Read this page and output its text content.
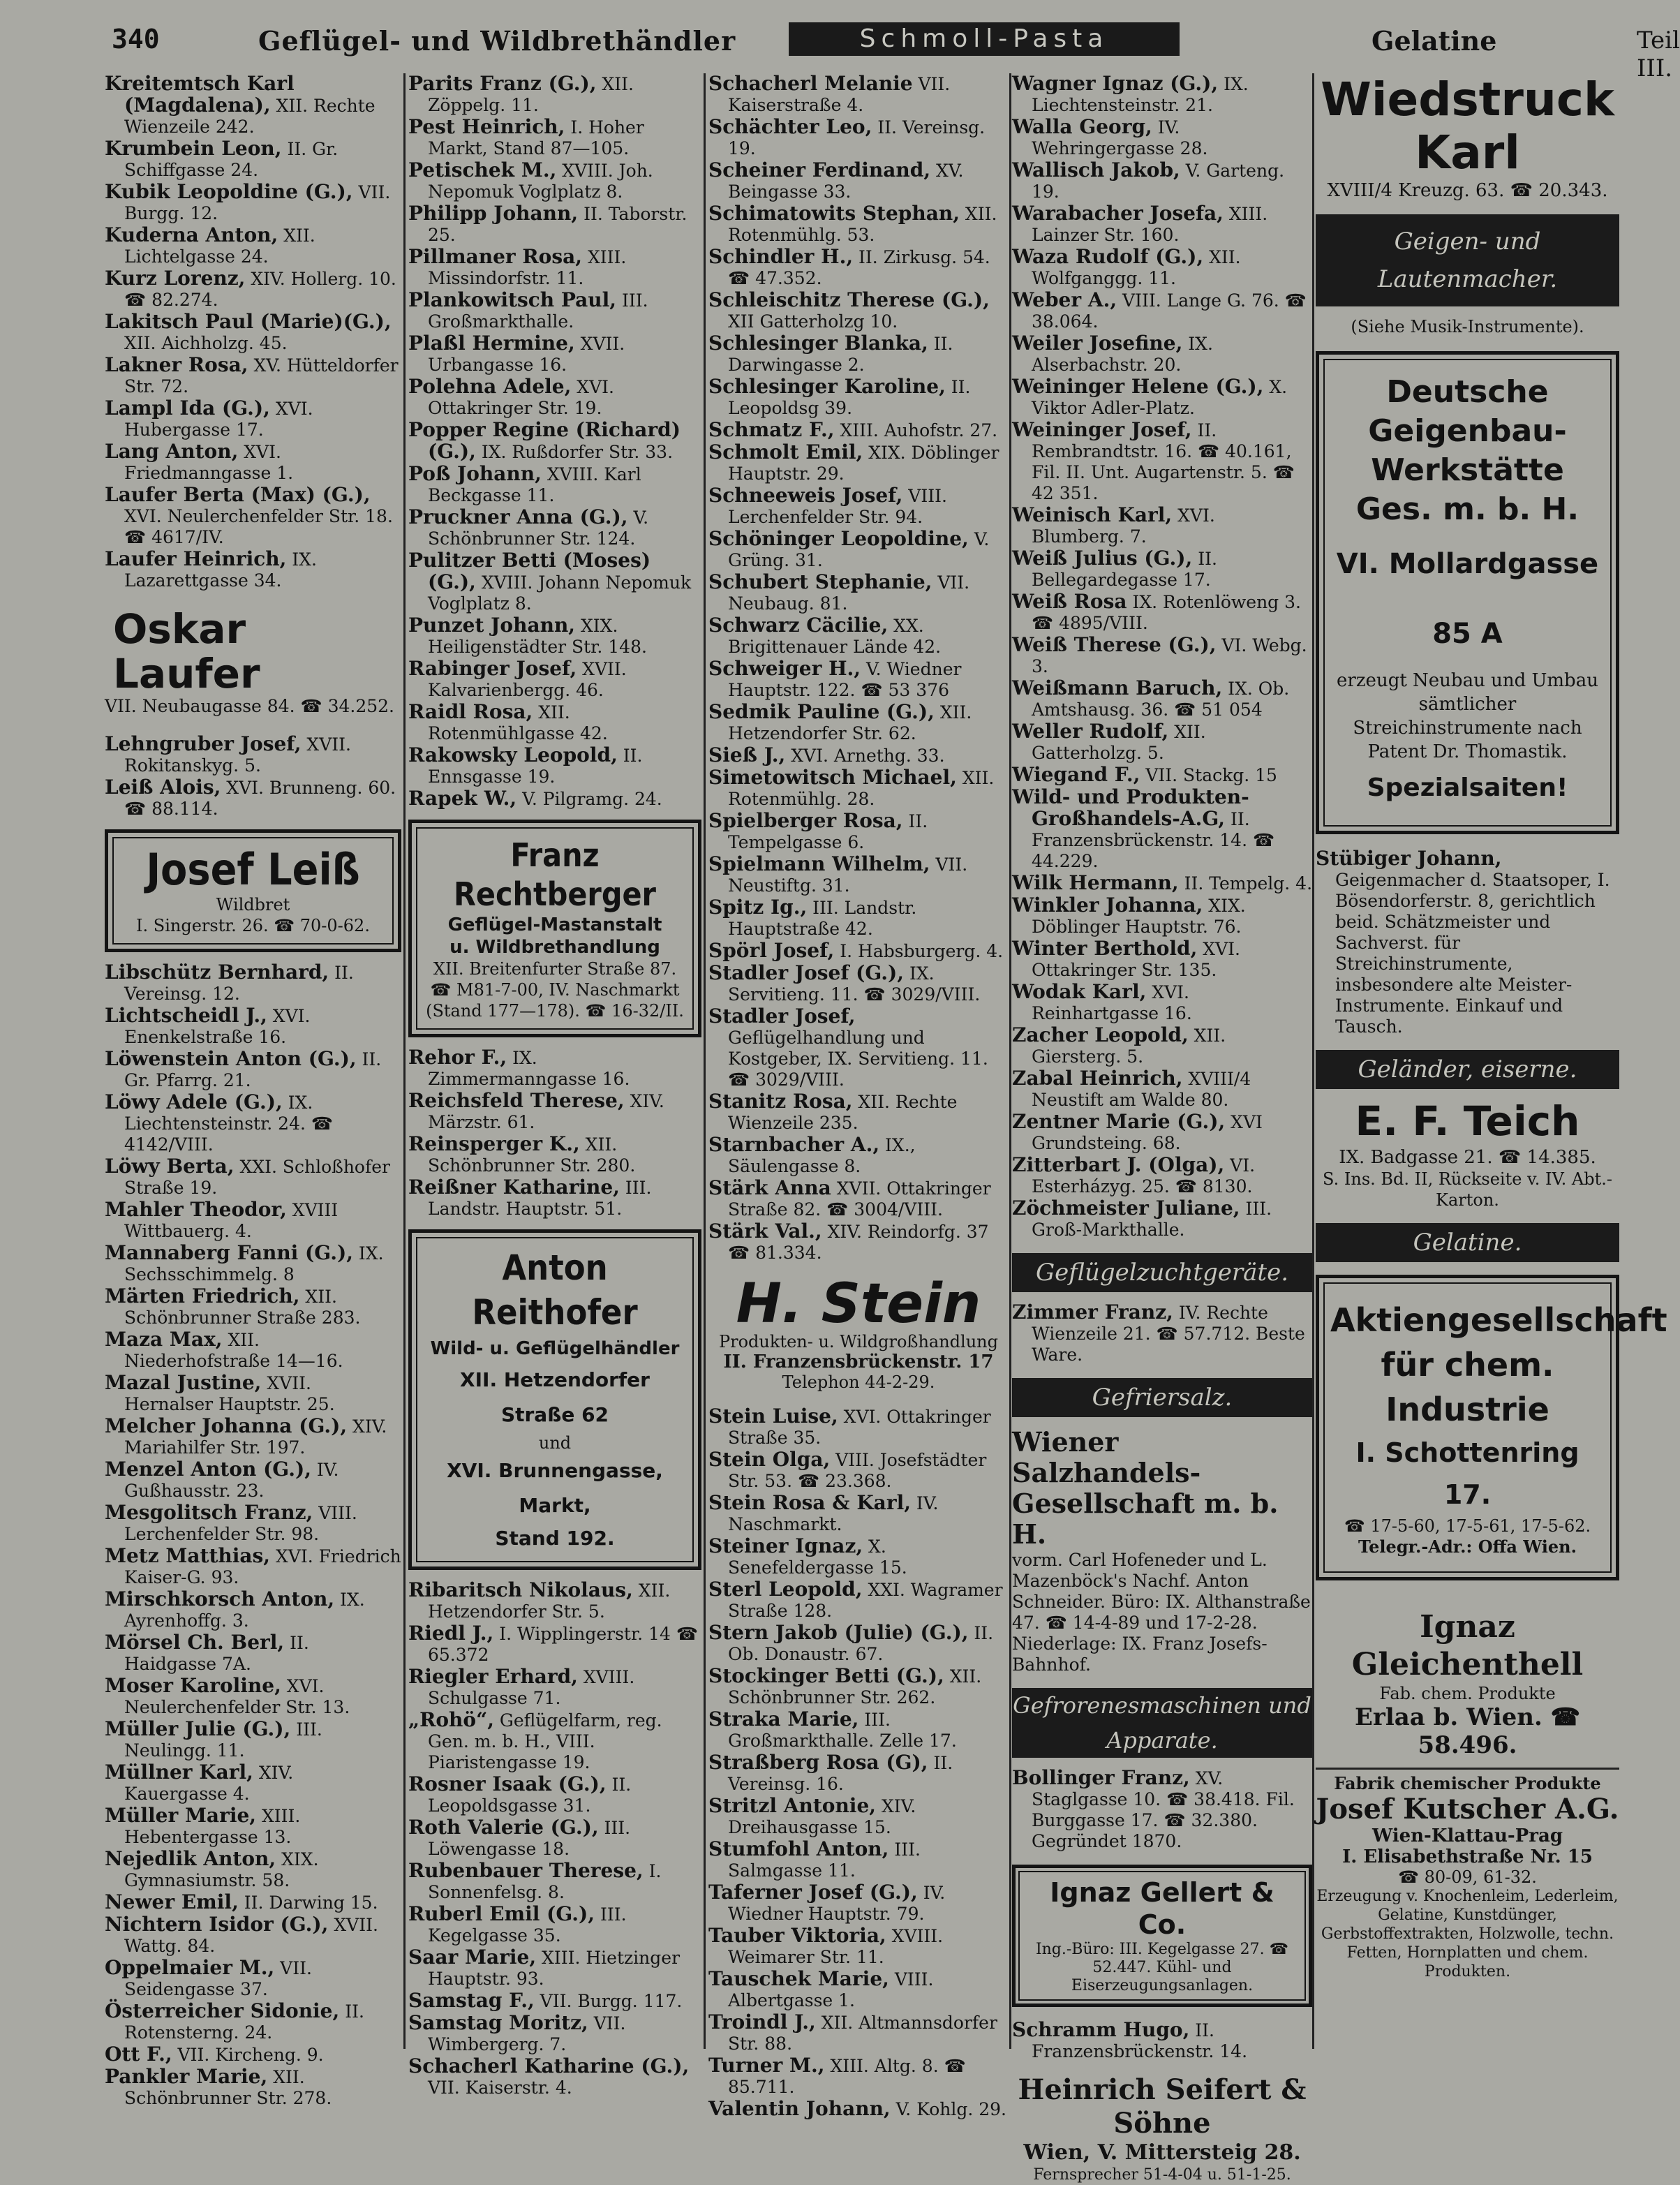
340	Geflügel- und Wildbrethändler	Schmoll-Pasta	Gelatine	Teil III.
Kreitemtsch Karl (Magdalena), XII. Rechte Wienzeile 242.
Krumbein Leon, II. Gr. Schiffgasse 24.
Kubik Leopoldine (G.), VII. Burgg. 12.
Kuderna Anton, XII. Lichtelgasse 24.
Kurz Lorenz, XIV. Hollerg. 10. ☎ 82.274.
Lakitsch Paul (Marie)(G.), XII. Aichholzg. 45.
Lakner Rosa, XV. Hütteldorfer Str. 72.
Lampl Ida (G.), XVI. Hubergasse 17.
Lang Anton, XVI. Friedmanngasse 1.
Laufer Berta (Max) (G.), XVI. Neulerchenfelder Str. 18. ☎ 4617/IV.
Laufer Heinrich, IX. Lazarettgasse 34.
Oskar Laufer
VII. Neubaugasse 84. ☎ 34.252.
Lehngruber Josef, XVII. Rokitanskyg. 5.
Leiß Alois, XVI. Brunneng. 60. ☎ 88.114.
Josef Leiß
Wildbret
I. Singerstr. 26. ☎ 70-0-62.
Libschütz Bernhard, II. Vereinsg. 12.
Lichtscheidl J., XVI. Enenkelstraße 16.
Löwenstein Anton (G.), II. Gr. Pfarrg. 21.
Löwy Adele (G.), IX. Liechtensteinstr. 24. ☎ 4142/VIII.
Löwy Berta, XXI. Schloßhofer Straße 19.
Mahler Theodor, XVIII Wittbauerg. 4.
Mannaberg Fanni (G.), IX. Sechsschimmelg. 8
Märten Friedrich, XII. Schönbrunner Straße 283.
Maza Max, XII. Niederhofstraße 14—16.
Mazal Justine, XVII. Hernalser Hauptstr. 25.
Melcher Johanna (G.), XIV. Mariahilfer Str. 197.
Menzel Anton (G.), IV. Gußhausstr. 23.
Mesgolitsch Franz, VIII. Lerchenfelder Str. 98.
Metz Matthias, XVI. Friedrich Kaiser-G. 93.
Mirschkorsch Anton, IX. Ayrenhoffg. 3.
Mörsel Ch. Berl, II. Haidgasse 7A.
Moser Karoline, XVI. Neulerchenfelder Str. 13.
Müller Julie (G.), III. Neulingg. 11.
Müllner Karl, XIV. Kauergasse 4.
Müller Marie, XIII. Hebentergasse 13.
Nejedlik Anton, XIX. Gymnasiumstr. 58.
Newer Emil, II. Darwing 15.
Nichtern Isidor (G.), XVII. Wattg. 84.
Oppelmaier M., VII. Seidengasse 37.
Österreicher Sidonie, II. Rotensterng. 24.
Ott F., VII. Kircheng. 9.
Pankler Marie, XII. Schönbrunner Str. 278.
Parits Franz (G.), XII. Zöppelg. 11.
Pest Heinrich, I. Hoher Markt, Stand 87—105.
Petischek M., XVIII. Joh. Nepomuk Voglplatz 8.
Philipp Johann, II. Taborstr. 25.
Pillmaner Rosa, XIII. Missindorfstr. 11.
Plankowitsch Paul, III. Großmarkthalle.
Plaßl Hermine, XVII. Urbangasse 16.
Polehna Adele, XVI. Ottakringer Str. 19.
Popper Regine (Richard) (G.), IX. Rußdorfer Str. 33.
Poß Johann, XVIII. Karl Beckgasse 11.
Pruckner Anna (G.), V. Schönbrunner Str. 124.
Pulitzer Betti (Moses) (G.), XVIII. Johann Nepomuk Voglplatz 8.
Punzet Johann, XIX. Heiligenstädter Str. 148.
Rabinger Josef, XVII. Kalvarienbergg. 46.
Raidl Rosa, XII. Rotenmühlgasse 42.
Rakowsky Leopold, II. Ennsgasse 19.
Rapek W., V. Pilgramg. 24.
Franz Rechtberger
Geflügel-Mastanstalt
u. Wildbrethandlung
XII. Breitenfurter Straße 87.
☎ M81-7-00, IV. Naschmarkt
(Stand 177—178). ☎ 16-32/II.
Rehor F., IX. Zimmermanngasse 16.
Reichsfeld Therese, XIV. Märzstr. 61.
Reinsperger K., XII. Schönbrunner Str. 280.
Reißner Katharine, III. Landstr. Hauptstr. 51.
Anton Reithofer
Wild- u. Geflügelhändler
XII. Hetzendorfer Straße 62
und
XVI. Brunnengasse, Markt,
Stand 192.
Ribaritsch Nikolaus, XII. Hetzendorfer Str. 5.
Riedl J., I. Wipplingerstr. 14 ☎ 65.372
Riegler Erhard, XVIII. Schulgasse 71.
„Rohö“, Geflügelfarm, reg. Gen. m. b. H., VIII. Piaristengasse 19.
Rosner Isaak (G.), II. Leopoldsgasse 31.
Roth Valerie (G.), III. Löwengasse 18.
Rubenbauer Therese, I. Sonnenfelsg. 8.
Ruberl Emil (G.), III. Kegelgasse 35.
Saar Marie, XIII. Hietzinger Hauptstr. 93.
Samstag F., VII. Burgg. 117.
Samstag Moritz, VII. Wimbergerg. 7.
Schacherl Katharine (G.), VII. Kaiserstr. 4.
Schacherl Melanie VII. Kaiserstraße 4.
Schächter Leo, II. Vereinsg. 19.
Scheiner Ferdinand, XV. Beingasse 33.
Schimatowits Stephan, XII. Rotenmühlg. 53.
Schindler H., II. Zirkusg. 54. ☎ 47.352.
Schleischitz Therese (G.), XII Gatterholzg 10.
Schlesinger Blanka, II. Darwingasse 2.
Schlesinger Karoline, II. Leopoldsg 39.
Schmatz F., XIII. Auhofstr. 27.
Schmolt Emil, XIX. Döblinger Hauptstr. 29.
Schneeweis Josef, VIII. Lerchenfelder Str. 94.
Schöninger Leopoldine, V. Grüng. 31.
Schubert Stephanie, VII. Neubaug. 81.
Schwarz Cäcilie, XX. Brigittenauer Lände 42.
Schweiger H., V. Wiedner Hauptstr. 122. ☎ 53 376
Sedmik Pauline (G.), XII. Hetzendorfer Str. 62.
Sieß J., XVI. Arnethg. 33.
Simetowitsch Michael, XII. Rotenmühlg. 28.
Spielberger Rosa, II. Tempelgasse 6.
Spielmann Wilhelm, VII. Neustiftg. 31.
Spitz Ig., III. Landstr. Hauptstraße 42.
Spörl Josef, I. Habsburgerg. 4.
Stadler Josef (G.), IX. Servitieng. 11. ☎ 3029/VIII.
Stadler Josef, Geflügelhandlung und Kostgeber, IX. Servitieng. 11. ☎ 3029/VIII.
Stanitz Rosa, XII. Rechte Wienzeile 235.
Starnbacher A., IX., Säulengasse 8.
Stärk Anna XVII. Ottakringer Straße 82. ☎ 3004/VIII.
Stärk Val., XIV. Reindorfg. 37 ☎ 81.334.
H. Stein
Produkten- u. Wildgroßhandlung
II. Franzensbrückenstr. 17
Telephon 44-2-29.
Stein Luise, XVI. Ottakringer Straße 35.
Stein Olga, VIII. Josefstädter Str. 53. ☎ 23.368.
Stein Rosa & Karl, IV. Naschmarkt.
Steiner Ignaz, X. Senefeldergasse 15.
Sterl Leopold, XXI. Wagramer Straße 128.
Stern Jakob (Julie) (G.), II. Ob. Donaustr. 67.
Stockinger Betti (G.), XII. Schönbrunner Str. 262.
Straka Marie, III. Großmarkthalle. Zelle 17.
Straßberg Rosa (G), II. Vereinsg. 16.
Stritzl Antonie, XIV. Dreihausgasse 15.
Stumfohl Anton, III. Salmgasse 11.
Taferner Josef (G.), IV. Wiedner Hauptstr. 79.
Tauber Viktoria, XVIII. Weimarer Str. 11.
Tauschek Marie, VIII. Albertgasse 1.
Troindl J., XII. Altmannsdorfer Str. 88.
Turner M., XIII. Altg. 8. ☎ 85.711.
Valentin Johann, V. Kohlg. 29.
Wagner Ignaz (G.), IX. Liechtensteinstr. 21.
Walla Georg, IV. Wehringergasse 28.
Wallisch Jakob, V. Garteng. 19.
Warabacher Josefa, XIII. Lainzer Str. 160.
Waza Rudolf (G.), XII. Wolfganggg. 11.
Weber A., VIII. Lange G. 76. ☎ 38.064.
Weiler Josefine, IX. Alserbachstr. 20.
Weininger Helene (G.), X. Viktor Adler-Platz.
Weininger Josef, II. Rembrandtstr. 16. ☎ 40.161, Fil. II. Unt. Augartenstr. 5. ☎ 42 351.
Weinisch Karl, XVI. Blumberg. 7.
Weiß Julius (G.), II. Bellegardegasse 17.
Weiß Rosa IX. Rotenlöweng 3. ☎ 4895/VIII.
Weiß Therese (G.), VI. Webg. 3.
Weißmann Baruch, IX. Ob. Amtshausg. 36. ☎ 51 054
Weller Rudolf, XII. Gatterholzg. 5.
Wiegand F., VII. Stackg. 15
Wild- und Produkten-Großhandels-A.G, II. Franzensbrückenstr. 14. ☎ 44.229.
Wilk Hermann, II. Tempelg. 4.
Winkler Johanna, XIX. Döblinger Hauptstr. 76.
Winter Berthold, XVI. Ottakringer Str. 135.
Wodak Karl, XVI. Reinhartgasse 16.
Zacher Leopold, XII. Giersterg. 5.
Zabal Heinrich, XVIII/4 Neustift am Walde 80.
Zentner Marie (G.), XVI Grundsteing. 68.
Zitterbart J. (Olga), VI. Esterházyg. 25. ☎ 8130.
Zöchmeister Juliane, III. Groß-Markthalle.
Geflügelzuchtgeräte.
Zimmer Franz, IV. Rechte Wienzeile 21. ☎ 57.712. Beste Ware.
Gefriersalz.
Wiener Salzhandels-Gesellschaft m. b. H.
vorm. Carl Hofeneder und L. Mazenböck's Nachf. Anton Schneider. Büro: IX. Althanstraße 47. ☎ 14-4-89 und 17-2-28. Niederlage: IX. Franz Josefs-Bahnhof.
Gefrorenesmaschinen und Apparate.
Bollinger Franz, XV. Staglgasse 10. ☎ 38.418. Fil. Burggasse 17. ☎ 32.380. Gegründet 1870.
Ignaz Gellert & Co.
Ing.-Büro: III. Kegelgasse 27. ☎ 52.447. Kühl- und Eiserzeugungsanlagen.
Schramm Hugo, II. Franzensbrückenstr. 14.
Heinrich Seifert & Söhne
Wien, V. Mittersteig 28.
Fernsprecher 51-4-04 u. 51-1-25.
Wiedstruck Karl
XVIII/4 Kreuzg. 63. ☎ 20.343.
Geigen- und Lautenmacher.
(Siehe Musik-Instrumente).
Deutsche Geigenbau-Werkstätte Ges. m. b. H.
VI. Mollardgasse 85 A
erzeugt Neubau und Umbau sämtlicher Streichinstrumente nach Patent Dr. Thomastik.
Spezialsaiten!
Stübiger Johann, Geigenmacher d. Staatsoper, I. Bösendorferstr. 8, gerichtlich beid. Schätzmeister und Sachverst. für Streichinstrumente, insbesondere alte Meister-Instrumente. Einkauf und Tausch.
Geländer, eiserne.
E. F. Teich
IX. Badgasse 21. ☎ 14.385.
S. Ins. Bd. II, Rückseite v. IV. Abt.-Karton.
Gelatine.
Aktiengesellschaft für chem. Industrie
I. Schottenring 17.
☎ 17-5-60, 17-5-61, 17-5-62.
Telegr.-Adr.: Offa Wien.
Ignaz Gleichenthell
Fab. chem. Produkte
Erlaa b. Wien. ☎ 58.496.
Fabrik chemischer Produkte
Josef Kutscher A.G.
Wien-Klattau-Prag
I. Elisabethstraße Nr. 15
☎ 80-09, 61-32.
Erzeugung v. Knochenleim, Lederleim, Gelatine, Kunstdünger, Gerbstoffextrakten, Holzwolle, techn. Fetten, Hornplatten und chem. Produkten.
